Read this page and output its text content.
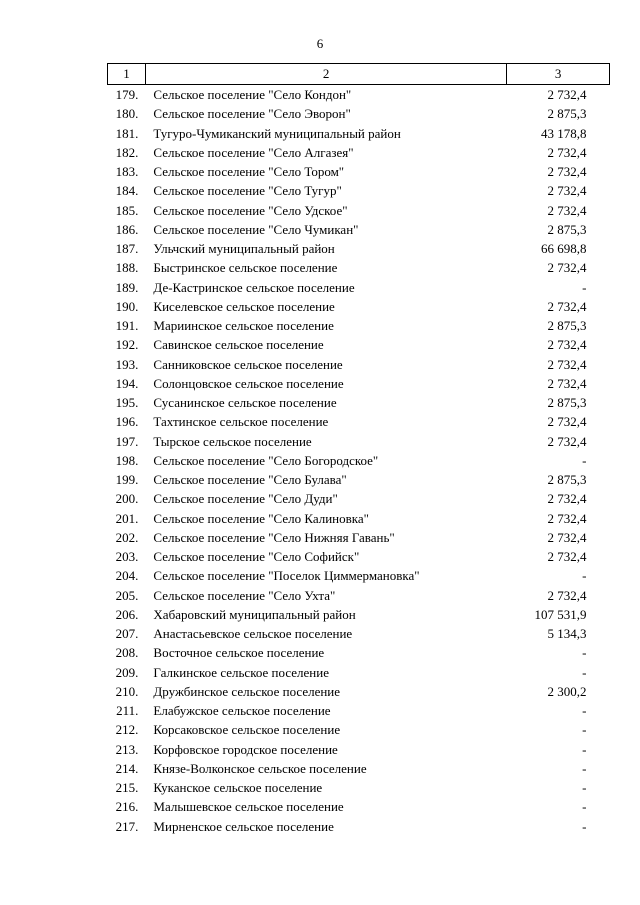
6
1	2	3
179.	Сельское поселение "Село Кондон"	2 732,4
180.	Сельское поселение "Село Эворон"	2 875,3
181.	Тугуро-Чумиканский муниципальный район	43 178,8
182.	Сельское поселение "Село Алгазея"	2 732,4
183.	Сельское поселение "Село Тором"	2 732,4
184.	Сельское поселение "Село Тугур"	2 732,4
185.	Сельское поселение "Село Удское"	2 732,4
186.	Сельское поселение "Село Чумикан"	2 875,3
187.	Ульчский муниципальный район	66 698,8
188.	Быстринское сельское поселение	2 732,4
189.	Де-Кастринское сельское поселение	-
190.	Киселевское сельское поселение	2 732,4
191.	Мариинское сельское поселение	2 875,3
192.	Савинское сельское поселение	2 732,4
193.	Санниковское сельское поселение	2 732,4
194.	Солонцовское сельское поселение	2 732,4
195.	Сусанинское сельское поселение	2 875,3
196.	Тахтинское сельское поселение	2 732,4
197.	Тырское сельское поселение	2 732,4
198.	Сельское поселение "Село Богородское"	-
199.	Сельское поселение "Село Булава"	2 875,3
200.	Сельское поселение "Село Дуди"	2 732,4
201.	Сельское поселение "Село Калиновка"	2 732,4
202.	Сельское поселение "Село Нижняя Гавань"	2 732,4
203.	Сельское поселение "Село Софийск"	2 732,4
204.	Сельское поселение "Поселок Циммермановка"	-
205.	Сельское поселение "Село Ухта"	2 732,4
206.	Хабаровский муниципальный район	107 531,9
207.	Анастасьевское сельское поселение	5 134,3
208.	Восточное сельское поселение	-
209.	Галкинское сельское поселение	-
210.	Дружбинское сельское поселение	2 300,2
211.	Елабужское сельское поселение	-
212.	Корсаковское сельское поселение	-
213.	Корфовское городское поселение	-
214.	Князе-Волконское сельское поселение	-
215.	Куканское сельское поселение	-
216.	Малышевское сельское поселение	-
217.	Мирненское сельское поселение	-
